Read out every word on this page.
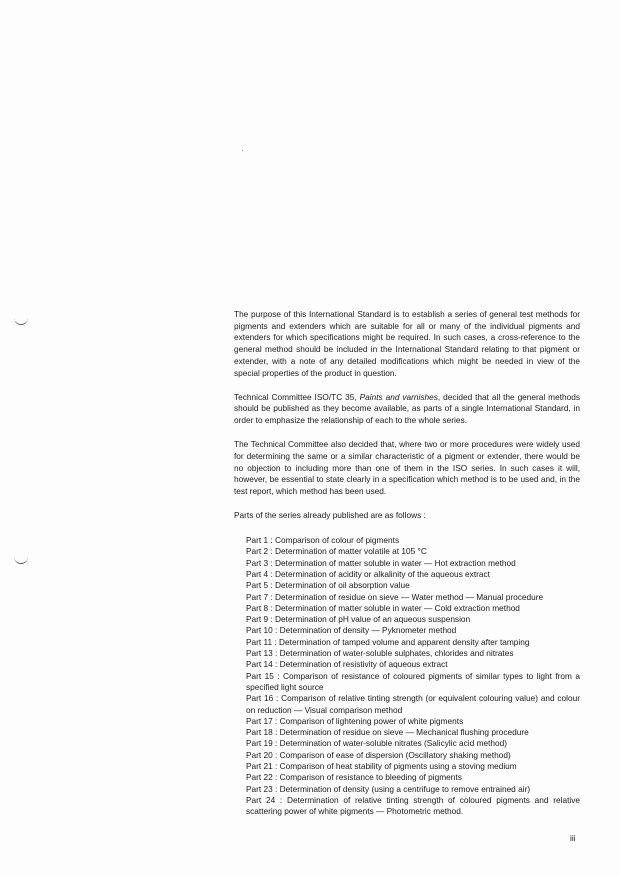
The purpose of this International Standard is to establish a series of general test methods for pigments and extenders which are suitable for all or many of the individual pigments and extenders for which specifications might be required. In such cases, a cross-reference to the general method should be included in the International Standard relating to that pigment or extender, with a note of any detailed modifications which might be needed in view of the special properties of the product in question.

Technical Committee ISO/TC 35, Paints and varnishes, decided that all the general methods should be published as they become available, as parts of a single International Standard, in order to emphasize the relationship of each to the whole series.

The Technical Committee also decided that, where two or more procedures were widely used for determining the same or a similar characteristic of a pigment or extender, there would be no objection to including more than one of them in the ISO series. In such cases it will, however, be essential to state clearly in a specification which method is to be used and, in the test report, which method has been used.

Parts of the series already published are as follows :

Part 1 : Comparison of colour of pigments
Part 2 : Determination of matter volatile at 105 °C
Part 3 : Determination of matter soluble in water — Hot extraction method
Part 4 : Determination of acidity or alkalinity of the aqueous extract
Part 5 : Determination of oil absorption value
Part 7 : Determination of residue on sieve — Water method — Manual procedure
Part 8 : Determination of matter soluble in water — Cold extraction method
Part 9 : Determination of pH value of an aqueous suspension
Part 10 : Determination of density — Pyknometer method
Part 11 : Determination of tamped volume and apparent density after tamping
Part 13 : Determination of water-soluble sulphates, chlorides and nitrates
Part 14 : Determination of resistivity of aqueous extract
Part 15 : Comparison of resistance of coloured pigments of similar types to light from a specified light source
Part 16 : Comparison of relative tinting strength (or equivalent colouring value) and colour on reduction — Visual comparison method
Part 17 : Comparison of lightening power of white pigments
Part 18 : Determination of residue on sieve — Mechanical flushing procedure
Part 19 : Determination of water-soluble nitrates (Salicylic acid method)
Part 20 : Comparison of ease of dispersion (Oscillatory shaking method)
Part 21 : Comparison of heat stability of pigments using a stoving medium
Part 22 : Comparison of resistance to bleeding of pigments
Part 23 : Determination of density (using a centrifuge to remove entrained air)
Part 24 : Determination of relative tinting strength of coloured pigments and relative scattering power of white pigments — Photometric method.
iii
